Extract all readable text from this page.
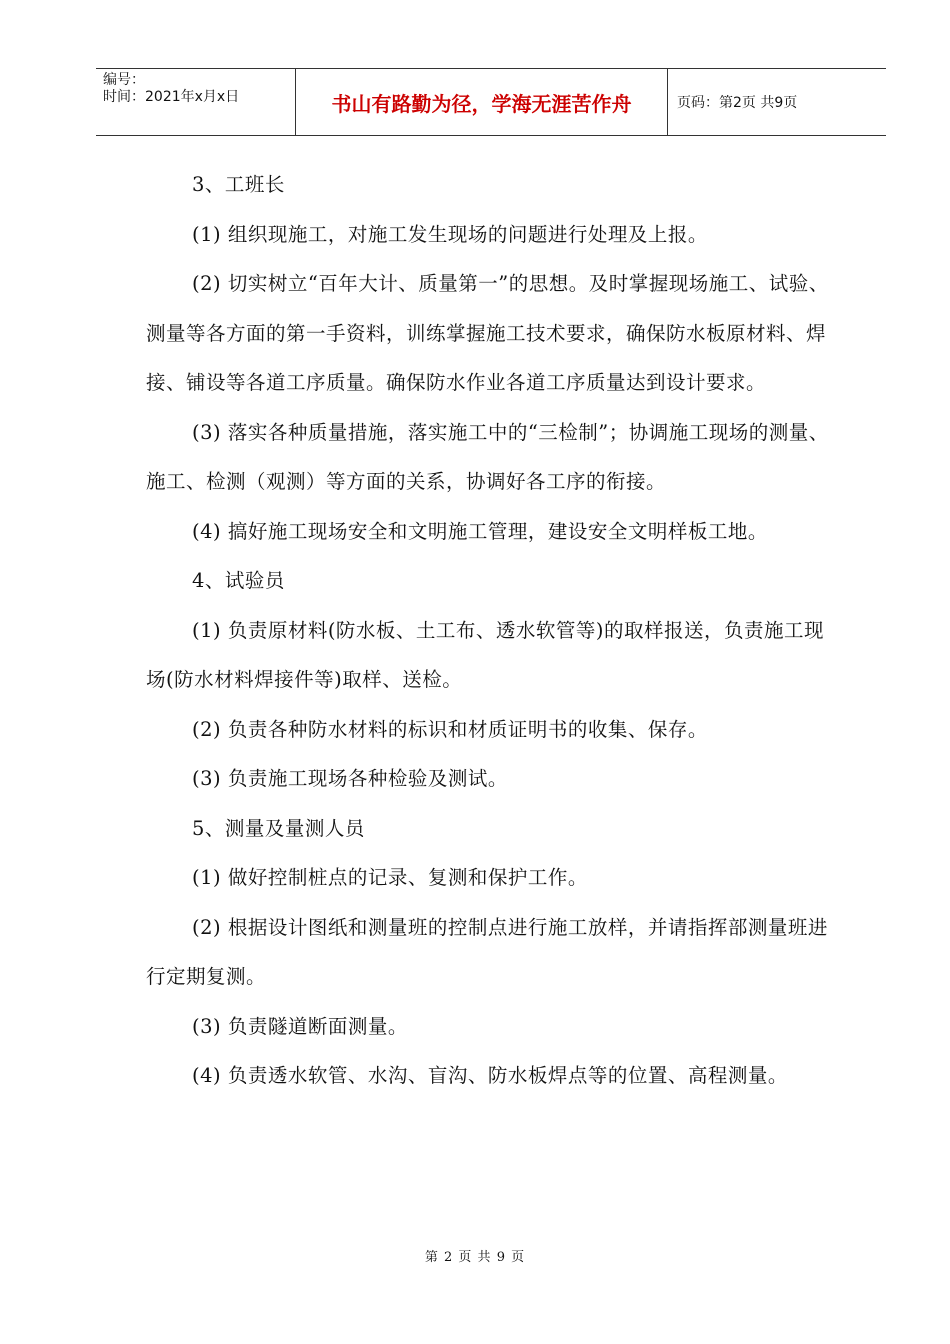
编号：
时间：2021年x月x日	书山有路勤为径，学海无涯苦作舟	页码：第2页 共9页

3、工班长

(1) 组织现施工，对施工发生现场的问题进行处理及上报。

(2) 切实树立“百年大计、质量第一”的思想。及时掌握现场施工、试验、测量等各方面的第一手资料，训练掌握施工技术要求，确保防水板原材料、焊接、铺设等各道工序质量。确保防水作业各道工序质量达到设计要求。

(3) 落实各种质量措施，落实施工中的“三检制”；协调施工现场的测量、施工、检测（观测）等方面的关系，协调好各工序的衔接。

(4) 搞好施工现场安全和文明施工管理，建设安全文明样板工地。

4、试验员

(1) 负责原材料(防水板、土工布、透水软管等)的取样报送，负责施工现场(防水材料焊接件等)取样、送检。

(2) 负责各种防水材料的标识和材质证明书的收集、保存。

(3) 负责施工现场各种检验及测试。

5、测量及量测人员

(1) 做好控制桩点的记录、复测和保护工作。

(2) 根据设计图纸和测量班的控制点进行施工放样，并请指挥部测量班进行定期复测。

(3) 负责隧道断面测量。

(4) 负责透水软管、水沟、盲沟、防水板焊点等的位置、高程测量。

第 2 页 共 9 页
